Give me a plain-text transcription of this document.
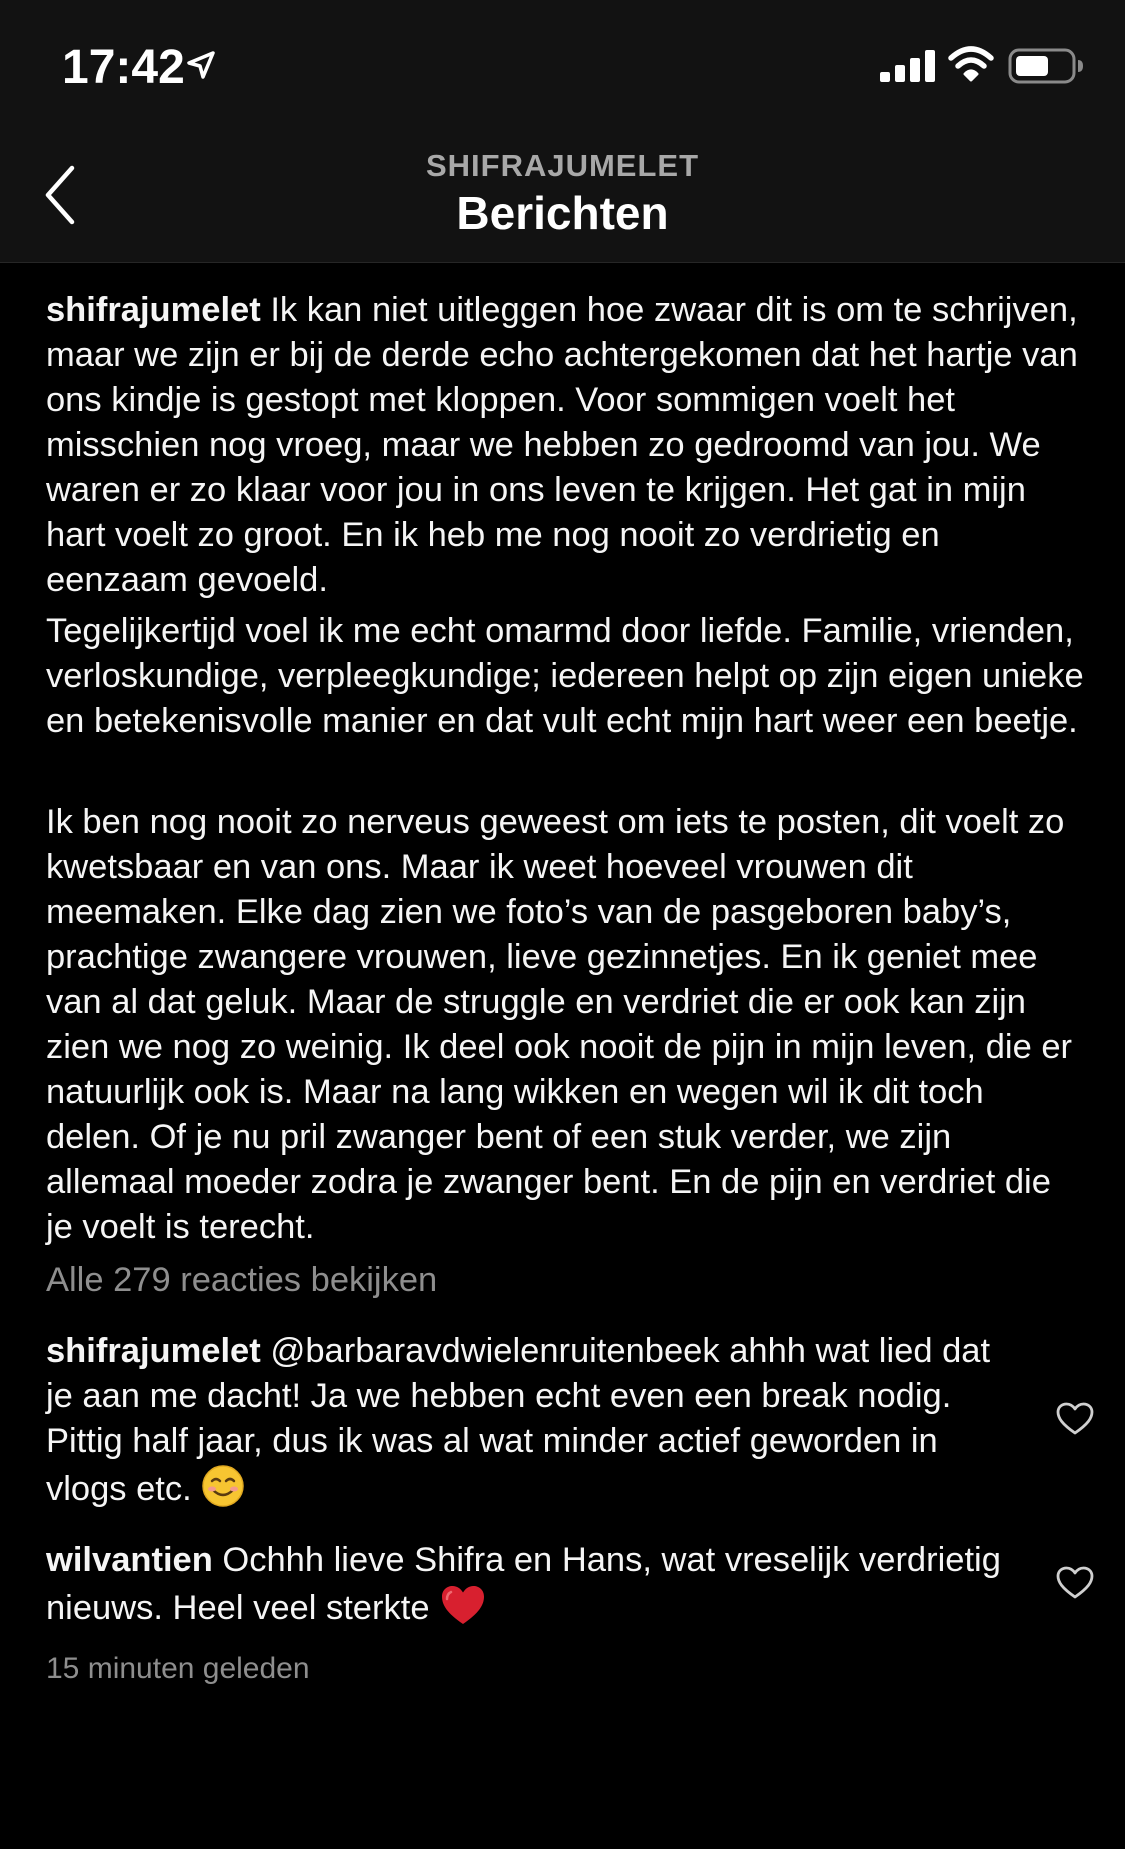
17:42
SHIFRAJUMELET
Berichten

shifrajumelet Ik kan niet uitleggen hoe zwaar dit is om te schrijven, maar we zijn er bij de derde echo achtergekomen dat het hartje van ons kindje is gestopt met kloppen. Voor sommigen voelt het misschien nog vroeg, maar we hebben zo gedroomd van jou. We waren er zo klaar voor jou in ons leven te krijgen. Het gat in mijn hart voelt zo groot. En ik heb me nog nooit zo verdrietig en eenzaam gevoeld.

Tegelijkertijd voel ik me echt omarmd door liefde. Familie, vrienden, verloskundige, verpleegkundige; iedereen helpt op zijn eigen unieke en betekenisvolle manier en dat vult echt mijn hart weer een beetje.

Ik ben nog nooit zo nerveus geweest om iets te posten, dit voelt zo kwetsbaar en van ons. Maar ik weet hoeveel vrouwen dit meemaken. Elke dag zien we foto’s van de pasgeboren baby’s, prachtige zwangere vrouwen, lieve gezinnetjes. En ik geniet mee van al dat geluk. Maar de struggle en verdriet die er ook kan zijn zien we nog zo weinig. Ik deel ook nooit de pijn in mijn leven, die er natuurlijk ook is. Maar na lang wikken en wegen wil ik dit toch delen. Of je nu pril zwanger bent of een stuk verder, we zijn allemaal moeder zodra je zwanger bent. En de pijn en verdriet die je voelt is terecht.

Alle 279 reacties bekijken
shifrajumelet @barbaravdwielenruitenbeek ahhh wat lied dat je aan me dacht! Ja we hebben echt even een break nodig. Pittig half jaar, dus ik was al wat minder actief geworden in vlogs etc.
wilvantien Ochhh lieve Shifra en Hans, wat vreselijk verdrietig nieuws. Heel veel sterkte
15 minuten geleden
